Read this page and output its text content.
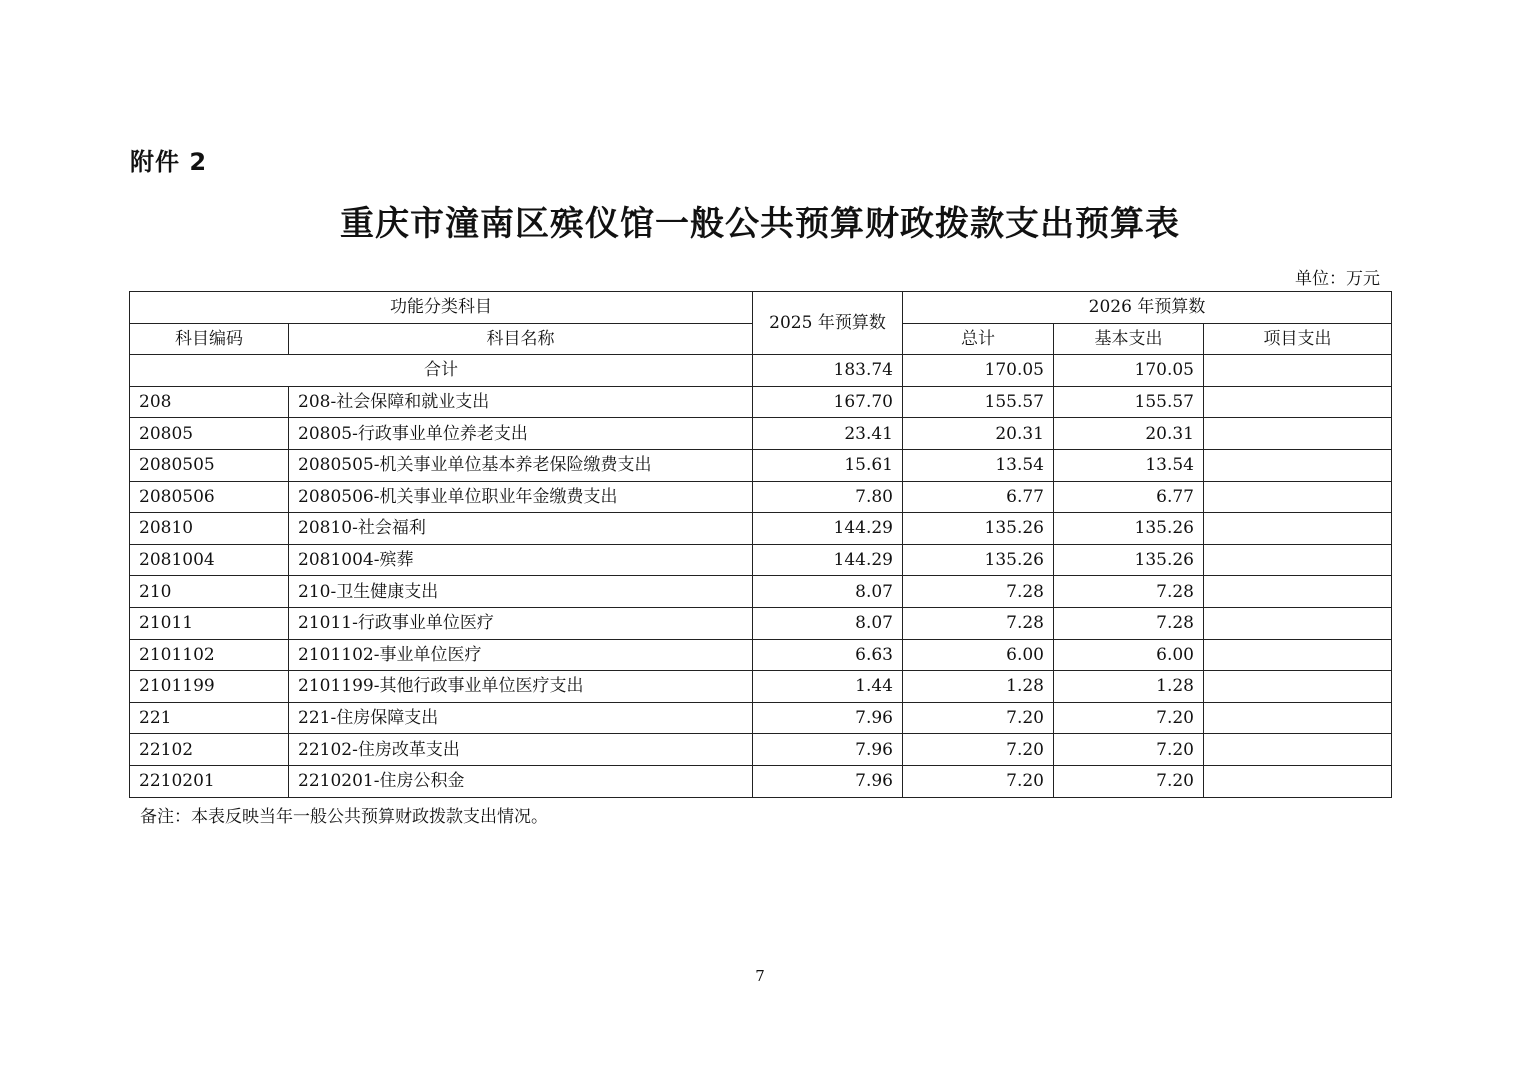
附件 2
重庆市潼南区殡仪馆一般公共预算财政拨款支出预算表
单位：万元
功能分类科目		2025 年预算数	2026 年预算数		
科目编码	科目名称		总计	基本支出	项目支出
合计		183.74	170.05	170.05	
208	208-社会保障和就业支出	167.70	155.57	155.57	
20805	20805-行政事业单位养老支出	23.41	20.31	20.31	
2080505	2080505-机关事业单位基本养老保险缴费支出	15.61	13.54	13.54	
2080506	2080506-机关事业单位职业年金缴费支出	7.80	6.77	6.77	
20810	20810-社会福利	144.29	135.26	135.26	
2081004	2081004-殡葬	144.29	135.26	135.26	
210	210-卫生健康支出	8.07	7.28	7.28	
21011	21011-行政事业单位医疗	8.07	7.28	7.28	
2101102	2101102-事业单位医疗	6.63	6.00	6.00	
2101199	2101199-其他行政事业单位医疗支出	1.44	1.28	1.28	
221	221-住房保障支出	7.96	7.20	7.20	
22102	22102-住房改革支出	7.96	7.20	7.20	
2210201	2210201-住房公积金	7.96	7.20	7.20	
备注：本表反映当年一般公共预算财政拨款支出情况。
7
